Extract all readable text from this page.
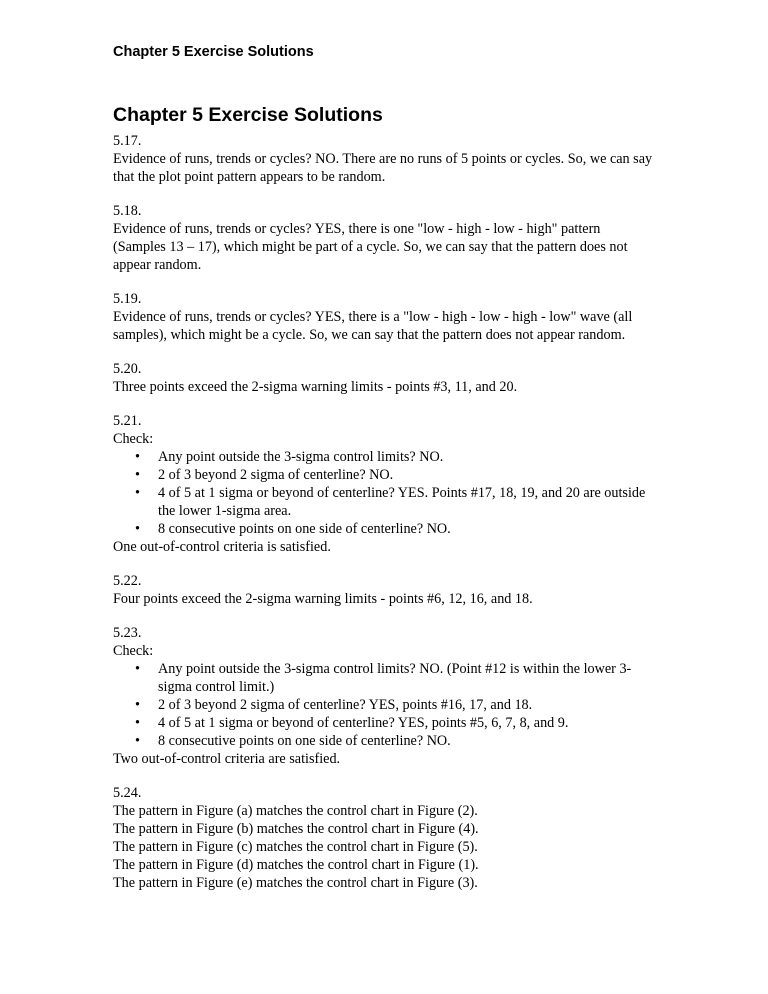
Chapter 5 Exercise Solutions
Chapter 5 Exercise Solutions

5.17.

Evidence of runs, trends or cycles? NO. There are no runs of 5 points or cycles. So, we can say that the plot point pattern appears to be random.

5.18.

Evidence of runs, trends or cycles? YES, there is one "low - high - low - high" pattern (Samples 13 – 17), which might be part of a cycle. So, we can say that the pattern does not appear random.

5.19.

Evidence of runs, trends or cycles? YES, there is a "low - high - low - high - low" wave (all samples), which might be a cycle. So, we can say that the pattern does not appear random.

5.20.

Three points exceed the 2-sigma warning limits - points #3, 11, and 20.

5.21.

Check:

• Any point outside the 3-sigma control limits? NO.
• 2 of 3 beyond 2 sigma of centerline? NO.
• 4 of 5 at 1 sigma or beyond of centerline? YES. Points #17, 18, 19, and 20 are outside the lower 1-sigma area.
• 8 consecutive points on one side of centerline? NO.

One out-of-control criteria is satisfied.

5.22.

Four points exceed the 2-sigma warning limits - points #6, 12, 16, and 18.

5.23.

Check:

• Any point outside the 3-sigma control limits? NO. (Point #12 is within the lower 3-sigma control limit.)
• 2 of 3 beyond 2 sigma of centerline? YES, points #16, 17, and 18.
• 4 of 5 at 1 sigma or beyond of centerline? YES, points #5, 6, 7, 8, and 9.
• 8 consecutive points on one side of centerline? NO.

Two out-of-control criteria are satisfied.

5.24.

The pattern in Figure (a) matches the control chart in Figure (2).

The pattern in Figure (b) matches the control chart in Figure (4).

The pattern in Figure (c) matches the control chart in Figure (5).

The pattern in Figure (d) matches the control chart in Figure (1).

The pattern in Figure (e) matches the control chart in Figure (3).
